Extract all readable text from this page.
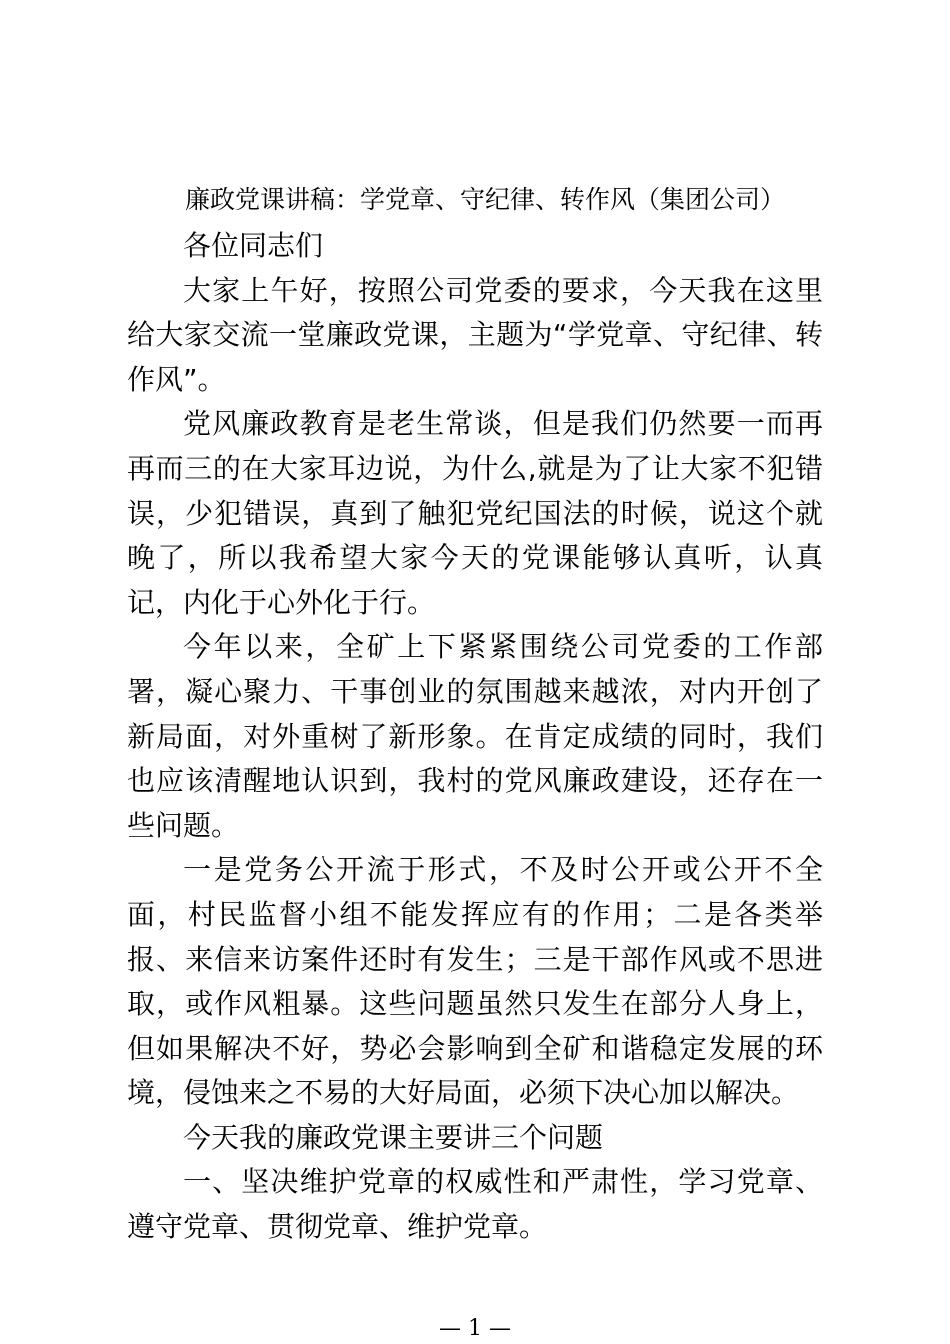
廉政党课讲稿：学党章、守纪律、转作风（集团公司）

各位同志们

大家上午好，按照公司党委的要求，今天我在这里给大家交流一堂廉政党课，主题为“学党章、守纪律、转作风”。

党风廉政教育是老生常谈，但是我们仍然要一而再再而三的在大家耳边说，为什么,就是为了让大家不犯错误，少犯错误，真到了触犯党纪国法的时候，说这个就晚了，所以我希望大家今天的党课能够认真听，认真记，内化于心外化于行。

今年以来，全矿上下紧紧围绕公司党委的工作部署，凝心聚力、干事创业的氛围越来越浓，对内开创了新局面，对外重树了新形象。在肯定成绩的同时，我们也应该清醒地认识到，我村的党风廉政建设，还存在一些问题。

一是党务公开流于形式，不及时公开或公开不全面，村民监督小组不能发挥应有的作用；二是各类举报、来信来访案件还时有发生；三是干部作风或不思进取，或作风粗暴。这些问题虽然只发生在部分人身上，但如果解决不好，势必会影响到全矿和谐稳定发展的环境，侵蚀来之不易的大好局面，必须下决心加以解决。

今天我的廉政党课主要讲三个问题

一、坚决维护党章的权威性和严肃性，学习党章、遵守党章、贯彻党章、维护党章。

— 1 —
